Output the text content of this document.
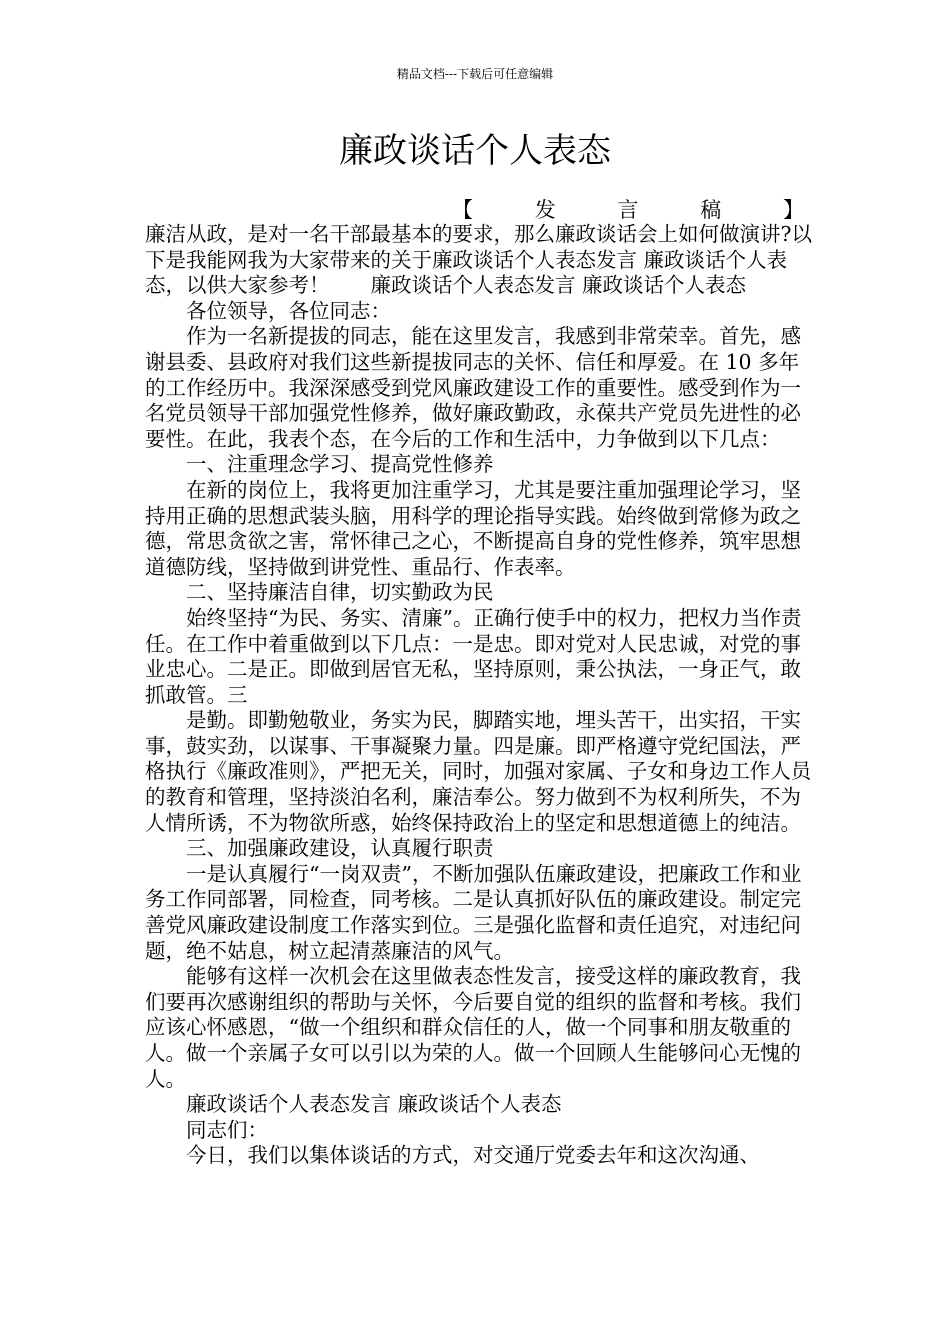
精品文档---下载后可任意编辑
廉政谈话个人表态
【	发	言	稿	】

廉洁从政，是对一名干部最基本的要求，那么廉政谈话会上如何做演讲?以下是我能网我为大家带来的关于廉政谈话个人表态发言 廉政谈话个人表态，以供大家参考！　　廉政谈话个人表态发言 廉政谈话个人表态

各位领导，各位同志：

作为一名新提拔的同志，能在这里发言，我感到非常荣幸。首先，感谢县委、县政府对我们这些新提拔同志的关怀、信任和厚爱。在 10 多年的工作经历中。我深深感受到党风廉政建设工作的重要性。感受到作为一名党员领导干部加强党性修养，做好廉政勤政，永葆共产党员先进性的必要性。在此，我表个态，在今后的工作和生活中，力争做到以下几点：

一、注重理念学习、提高党性修养

在新的岗位上，我将更加注重学习，尤其是要注重加强理论学习，坚持用正确的思想武装头脑，用科学的理论指导实践。始终做到常修为政之德，常思贪欲之害，常怀律己之心，不断提高自身的党性修养，筑牢思想道德防线，坚持做到讲党性、重品行、作表率。

二、坚持廉洁自律，切实勤政为民

始终坚持“为民、务实、清廉”。正确行使手中的权力，把权力当作责任。在工作中着重做到以下几点：一是忠。即对党对人民忠诚，对党的事业忠心。二是正。即做到居官无私，坚持原则，秉公执法，一身正气，敢抓敢管。三

是勤。即勤勉敬业，务实为民，脚踏实地，埋头苦干，出实招，干实事，鼓实劲，以谋事、干事凝聚力量。四是廉。即严格遵守党纪国法，严格执行《廉政准则》，严把无关，同时，加强对家属、子女和身边工作人员的教育和管理，坚持淡泊名利，廉洁奉公。努力做到不为权利所失，不为人情所诱，不为物欲所惑，始终保持政治上的坚定和思想道德上的纯洁。

三、加强廉政建设，认真履行职责

一是认真履行“一岗双责”，不断加强队伍廉政建设，把廉政工作和业务工作同部署，同检查，同考核。二是认真抓好队伍的廉政建设。制定完善党风廉政建设制度工作落实到位。三是强化监督和责任追究，对违纪问题，绝不姑息，树立起清蒸廉洁的风气。

能够有这样一次机会在这里做表态性发言，接受这样的廉政教育，我们要再次感谢组织的帮助与关怀，今后要自觉的组织的监督和考核。我们应该心怀感恩，“做一个组织和群众信任的人，做一个同事和朋友敬重的人。做一个亲属子女可以引以为荣的人。做一个回顾人生能够问心无愧的人。

廉政谈话个人表态发言 廉政谈话个人表态

同志们：

今日，我们以集体谈话的方式，对交通厅党委去年和这次沟通、
